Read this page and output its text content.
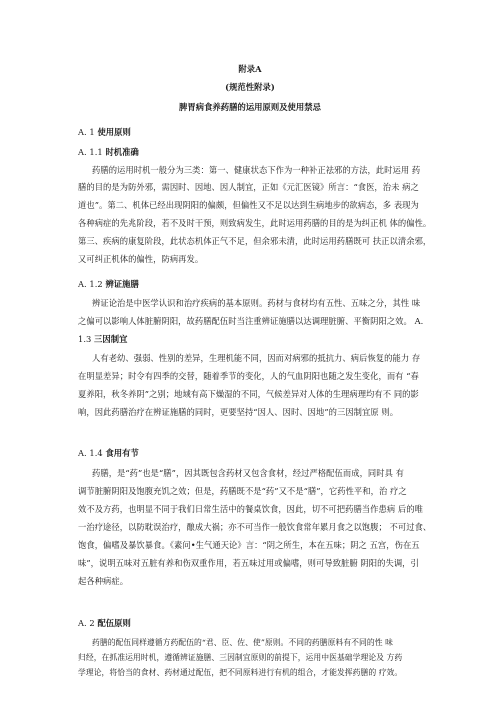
附录A
(规范性附录)
脾胃病食养药膳的运用原则及使用禁忌
A. 1 使用原则
A. 1.1 时机准确
药膳的运用时机一般分为三类：第一、健康状态下作为一种补正祛邪的方法，此时运用 药
膳的目的是为防外邪，需因时、因地、因人制宜，正如《元汇医镜》所言：“食医，治未 病之
道也”。第二、机体已经出现阴阳的偏颇，但偏性又不足以达到生病地步的欲病态，多 表现为
各种病症的先兆阶段，若不及时干预，则致病发生，此时运用药膳的目的是为纠正机 体的偏性。
第三、疾病的康复阶段，此状态机体正气不足，但余邪未清，此时运用药膳既可 扶正以清余邪，
又可纠正机体的偏性，防病再发。
A. 1.2 辨证施膳
辨证论治是中医学认识和治疗疾病的基本原则。药材与食材均有五性、五味之分，其性 味
之偏可以影响人体脏腑阴阳，故药膳配伍时当注重辨证施膳以达调理脏腑、平衡阴阳之效。 A.
1.3 三因制宜
人有老幼、强弱、性别的差异，生理机能不同，因而对病邪的抵抗力、病后恢复的能力 存
在明显差异；时令有四季的交替，随着季节的变化，人的气血阴阳也随之发生变化，而有 “春
夏养阳，秋冬养阴”之别；地域有高下燥湿的不同，气候差异对人体的生理病理均有不 同的影
响，因此药膳治疗在辨证施膳的同时，更要坚持“因人、因时、因地”的三因制宜原 则。
A. 1.4 食用有节
药膳，是“药”也是“膳”，因其既包含药材又包含食材，经过严格配伍而成，同时具 有
调节脏腑阴阳及饱腹充饥之效；但是，药膳既不是“药”又不是“膳”，它药性平和，治 疗之
效不及方药，也明显不同于我们日常生活中的餐桌饮食，因此，切不可把药膳当作患病 后的唯
一治疗途径，以防耽误治疗，酿成大祸；亦不可当作一般饮食常年累月食之以饱腹； 不可过食、
饱食，偏嗜及暴饮暴食。《素问•生气通天论》言：“阴之所生，本在五味；阴之 五宫，伤在五
味”，说明五味对五脏有养和伤双重作用，若五味过用或偏嗜，则可导致脏腑 阴阳的失调，引
起各种病症。
A. 2 配伍原则
药膳的配伍同样遵循方药配伍的“君、臣、佐、使”原则。不同的药膳原料有不同的性 味
归经，在抓准运用时机，遵循辨证施膳、三因制宜原则的前提下，运用中医基础学理论及 方药
学理论，将恰当的食材、药材通过配伍，把不同原料进行有机的组合，才能发挥药膳的 疗效。
